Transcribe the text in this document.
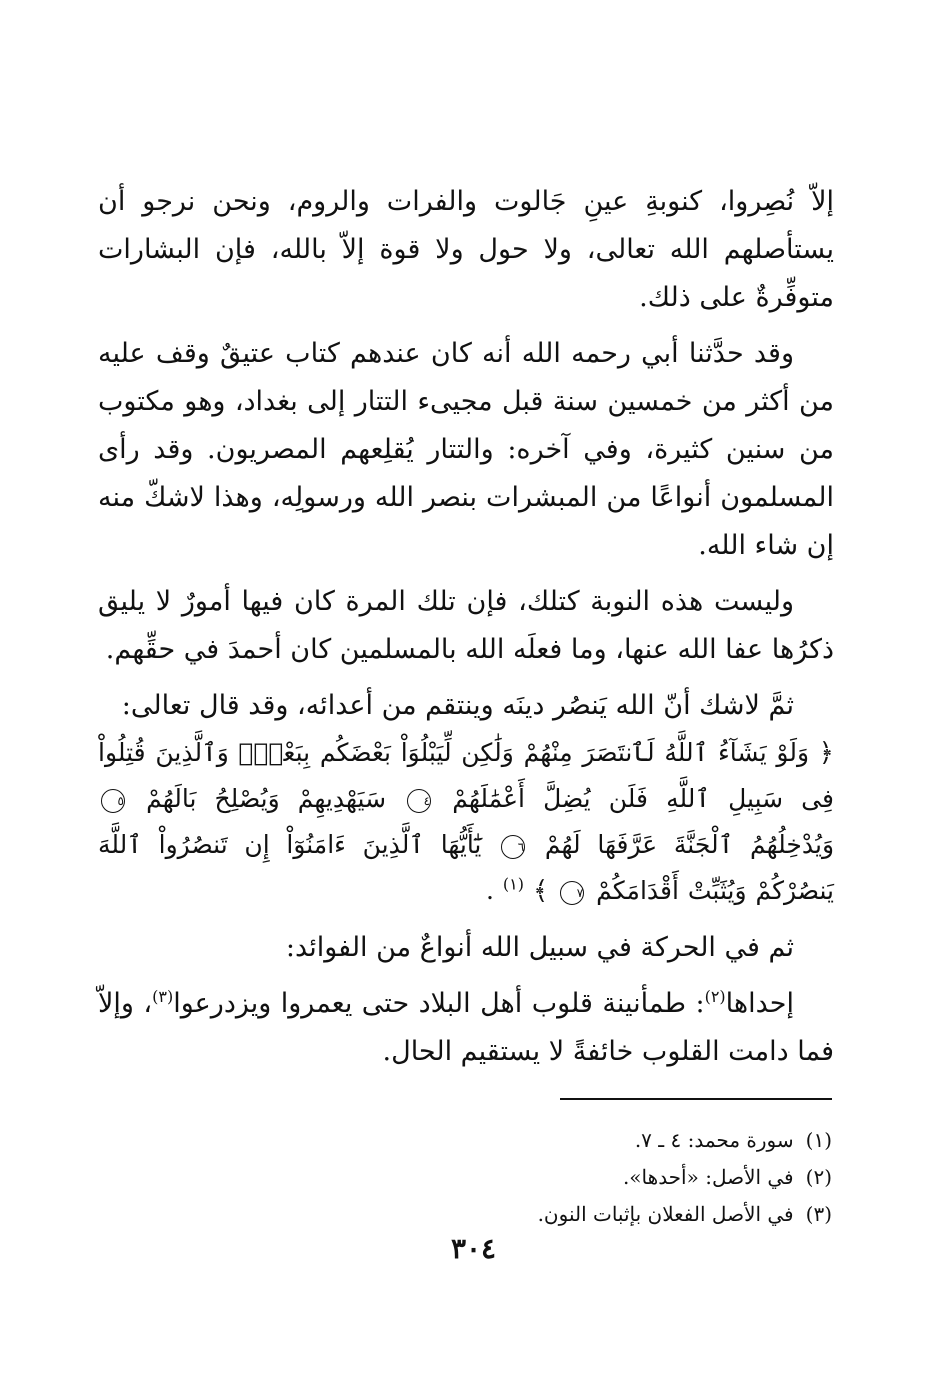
إلاّ نُصِروا، كنوبةِ عينِ جَالوت والفرات والروم، ونحن نرجو أن يستأصلهم الله تعالى، ولا حول ولا قوة إلاّ بالله، فإن البشارات متوفِّرةٌ على ذلك.

وقد حدَّثنا أبي رحمه الله أنه كان عندهم كتاب عتيقٌ وقف عليه من أكثر من خمسين سنة قبل مجيىء التتار إلى بغداد، وهو مكتوب من سنين كثيرة، وفي آخره: والتتار يُقلِعهم المصريون. وقد رأى المسلمون أنواعًا من المبشرات بنصر الله ورسولِه، وهذا لاشكّ منه إن شاء الله.

وليست هذه النوبة كتلك، فإن تلك المرة كان فيها أمورٌ لا يليق ذكرُها عفا الله عنها، وما فعلَه الله بالمسلمين كان أحمدَ في حقِّهم.

ثمَّ لاشك أنّ الله يَنصُر دينَه وينتقم من أعدائه، وقد قال تعالى:

﴿ وَلَوْ يَشَآءُ ٱللَّهُ لَٱنتَصَرَ مِنْهُمْ وَلَٰكِن لِّيَبْلُوَاْ بَعْضَكُم بِبَعْضٍۗ وَٱلَّذِينَ قُتِلُواْ فِى سَبِيلِ ٱللَّهِ فَلَن يُضِلَّ أَعْمَٰلَهُمْ ٤ سَيَهْدِيهِمْ وَيُصْلِحُ بَالَهُمْ ٥ وَيُدْخِلُهُمُ ٱلْجَنَّةَ عَرَّفَهَا لَهُمْ ٦ يَٰٓأَيُّهَا ٱلَّذِينَ ءَامَنُوٓاْ إِن تَنصُرُواْ ٱللَّهَ يَنصُرْكُمْ وَيُثَبِّتْ أَقْدَامَكُمْ ٧ ﴾ $^{(١)}$ .

ثم في الحركة في سبيل الله أنواعٌ من الفوائد:

إحداها$^{(٢)}$: طمأنينة قلوب أهل البلاد حتى يعمروا ويزدرعوا$^{(٣)}$، وإلاّ فما دامت القلوب خائفةً لا يستقيم الحال.

(١)سورة محمد: ٤ ـ ٧.
(٢)في الأصل: «أحدها».
(٣)في الأصل الفعلان بإثبات النون.
٣٠٤
